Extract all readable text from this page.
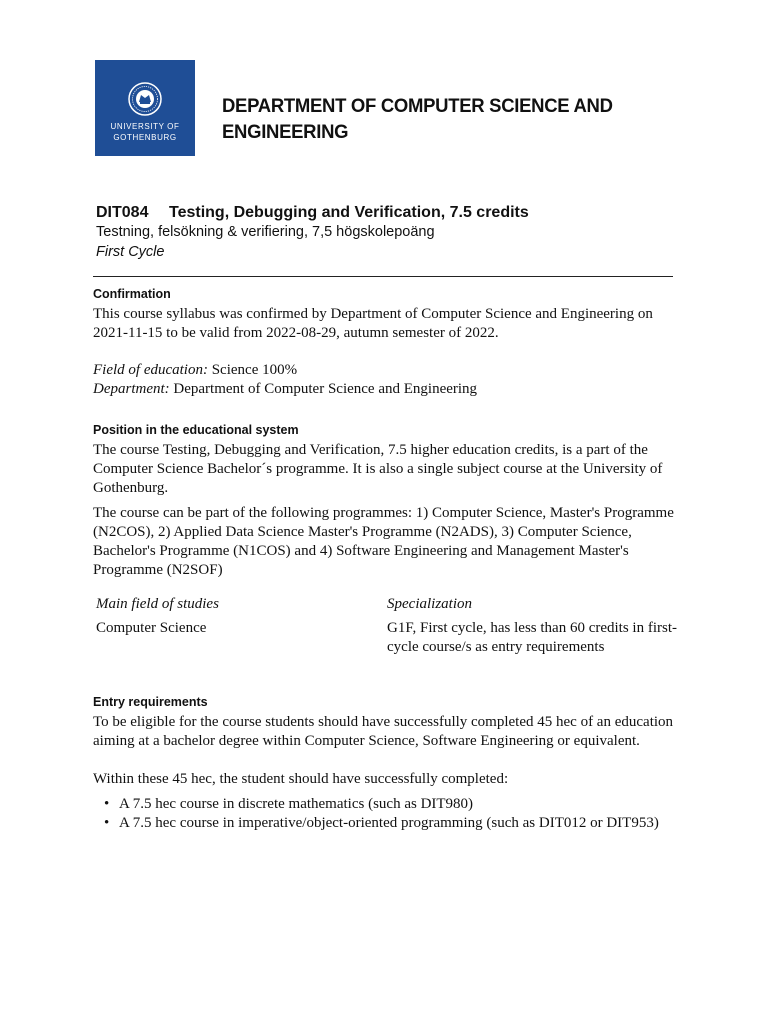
UNIVERSITY OF
GOTHENBURG
DEPARTMENT OF COMPUTER SCIENCE AND ENGINEERING
DIT084 Testing, Debugging and Verification, 7.5 credits
Testning, felsökning & verifiering, 7,5 högskolepoäng
First Cycle
Confirmation
This course syllabus was confirmed by Department of Computer Science and Engineering on 2021-11-15 to be valid from 2022-08-29, autumn semester of 2022.
Field of education: Science 100%
Department: Department of Computer Science and Engineering
Position in the educational system
The course Testing, Debugging and Verification, 7.5 higher education credits, is a part of the Computer Science Bachelor´s programme. It is also a single subject course at the University of Gothenburg.
The course can be part of the following programmes: 1) Computer Science, Master's Programme (N2COS), 2) Applied Data Science Master's Programme (N2ADS), 3) Computer Science, Bachelor's Programme (N1COS) and 4) Software Engineering and Management Master's Programme (N2SOF)
Main field of studies	Specialization
Computer Science	G1F, First cycle, has less than 60 credits in first-cycle course/s as entry requirements
Entry requirements
To be eligible for the course students should have successfully completed 45 hec of an education aiming at a bachelor degree within Computer Science, Software Engineering or equivalent.
Within these 45 hec, the student should have successfully completed:
• A 7.5 hec course in discrete mathematics (such as DIT980)
• A 7.5 hec course in imperative/object-oriented programming (such as DIT012 or DIT953)
